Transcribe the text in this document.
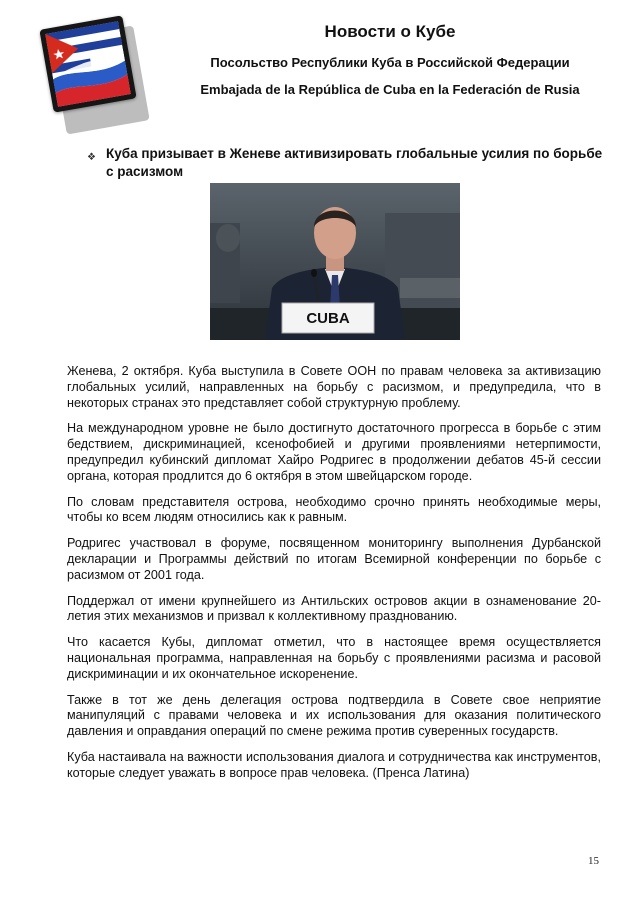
Новости о Кубе
Посольство Республики Куба в Российской Федерации
Embajada de la República de Cuba en la Federación de Rusia
❖ Куба призывает в Женеве активизировать глобальные усилия по борьбе с расизмом
CUBA

Женева, 2 октября. Куба выступила в Совете ООН по правам человека за активизацию глобальных усилий, направленных на борьбу с расизмом, и предупредила, что в некоторых странах это представляет собой структурную проблему.

На международном уровне не было достигнуто достаточного прогресса в борьбе с этим бедствием, дискриминацией, ксенофобией и другими проявлениями нетерпимости, предупредил кубинский дипломат Хайро Родригес в продолжении дебатов 45-й сессии органа, которая продлится до 6 октября в этом швейцарском городе.

По словам представителя острова, необходимо срочно принять необходимые меры, чтобы ко всем людям относились как к равным.

Родригес участвовал в форуме, посвященном мониторингу выполнения Дурбанской декларации и Программы действий по итогам Всемирной конференции по борьбе с расизмом от 2001 года.

Поддержал от имени крупнейшего из Антильских островов акции в ознаменование 20-летия этих механизмов и призвал к коллективному празднованию.

Что касается Кубы, дипломат отметил, что в настоящее время осуществляется национальная программа, направленная на борьбу с проявлениями расизма и расовой дискриминации и их окончательное искоренение.

Также в тот же день делегация острова подтвердила в Совете свое неприятие манипуляций с правами человека и их использования для оказания политического давления и оправдания операций по смене режима против суверенных государств.

Куба настаивала на важности использования диалога и сотрудничества как инструментов, которые следует уважать в вопросе прав человека. (Пренса Латина)

15
